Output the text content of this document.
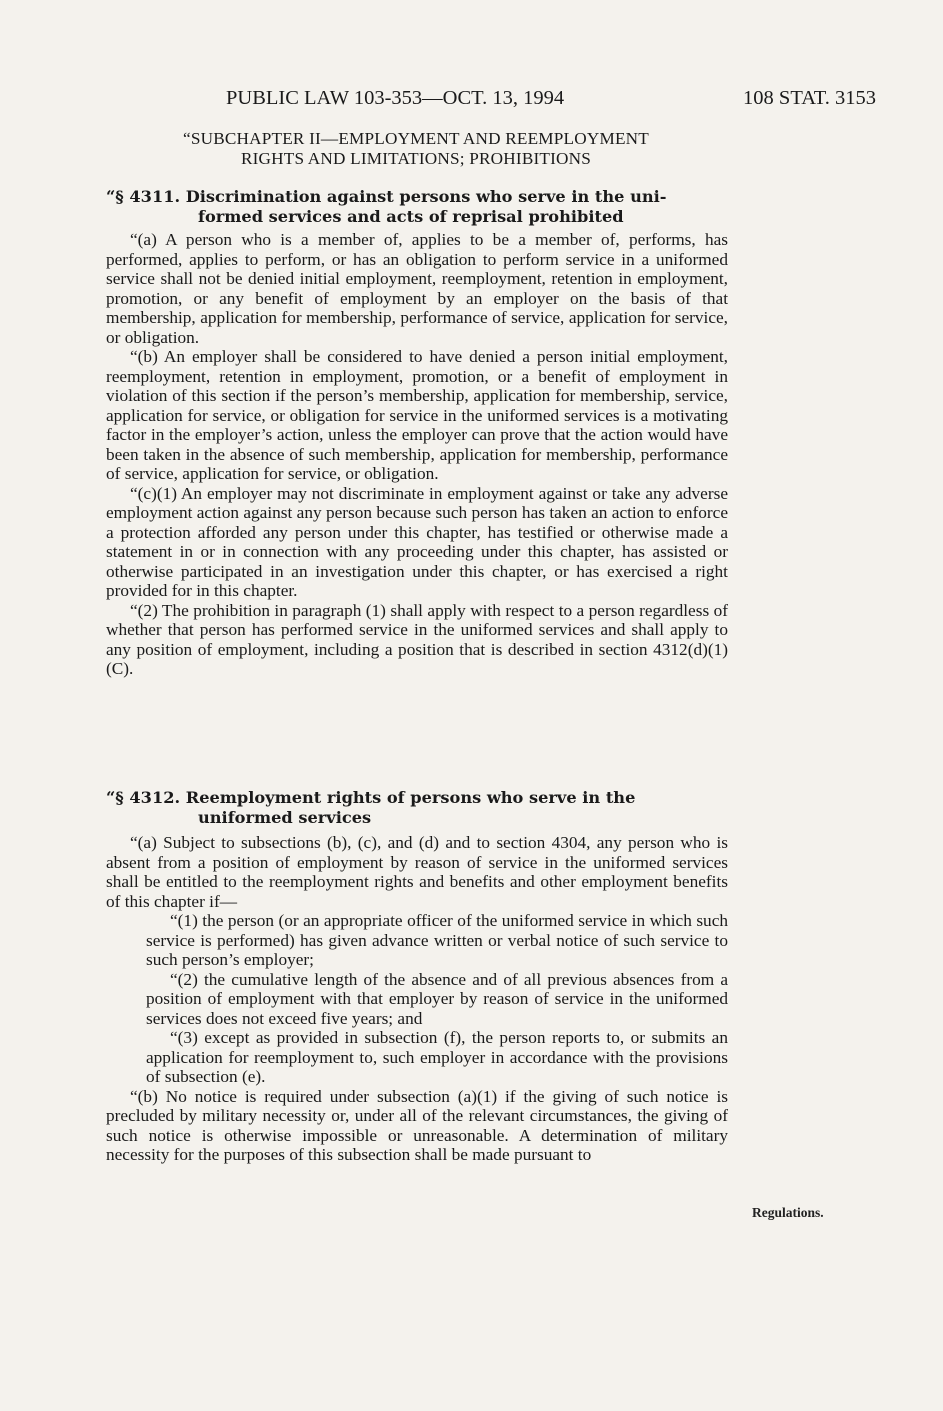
PUBLIC LAW 103-353—OCT. 13, 1994	108 STAT. 3153
“SUBCHAPTER II—EMPLOYMENT AND REEMPLOYMENT
RIGHTS AND LIMITATIONS; PROHIBITIONS
“§ 4311. Discrimination against persons who serve in the uni-
formed services and acts of reprisal prohibited

“(a) A person who is a member of, applies to be a member of, performs, has performed, applies to perform, or has an obligation to perform service in a uniformed service shall not be denied initial employment, reemployment, retention in employment, promotion, or any benefit of employment by an employer on the basis of that membership, application for membership, performance of service, application for service, or obligation.

“(b) An employer shall be considered to have denied a person initial employment, reemployment, retention in employment, promotion, or a benefit of employment in violation of this section if the person’s membership, application for membership, service, application for service, or obligation for service in the uniformed services is a motivating factor in the employer’s action, unless the employer can prove that the action would have been taken in the absence of such membership, application for membership, performance of service, application for service, or obligation.

“(c)(1) An employer may not discriminate in employment against or take any adverse employment action against any person because such person has taken an action to enforce a protection afforded any person under this chapter, has testified or otherwise made a statement in or in connection with any proceeding under this chapter, has assisted or otherwise participated in an investigation under this chapter, or has exercised a right provided for in this chapter.

“(2) The prohibition in paragraph (1) shall apply with respect to a person regardless of whether that person has performed service in the uniformed services and shall apply to any position of employment, including a position that is described in section 4312(d)(1)(C).

“§ 4312. Reemployment rights of persons who serve in the
uniformed services

“(a) Subject to subsections (b), (c), and (d) and to section 4304, any person who is absent from a position of employment by reason of service in the uniformed services shall be entitled to the reemployment rights and benefits and other employment benefits of this chapter if—

“(1) the person (or an appropriate officer of the uniformed service in which such service is performed) has given advance written or verbal notice of such service to such person’s employer;

“(2) the cumulative length of the absence and of all previous absences from a position of employment with that employer by reason of service in the uniformed services does not exceed five years; and

“(3) except as provided in subsection (f), the person reports to, or submits an application for reemployment to, such employer in accordance with the provisions of subsection (e).

“(b) No notice is required under subsection (a)(1) if the giving of such notice is precluded by military necessity or, under all of the relevant circumstances, the giving of such notice is otherwise impossible or unreasonable. A determination of military necessity for the purposes of this subsection shall be made pursuant to

Regulations.
